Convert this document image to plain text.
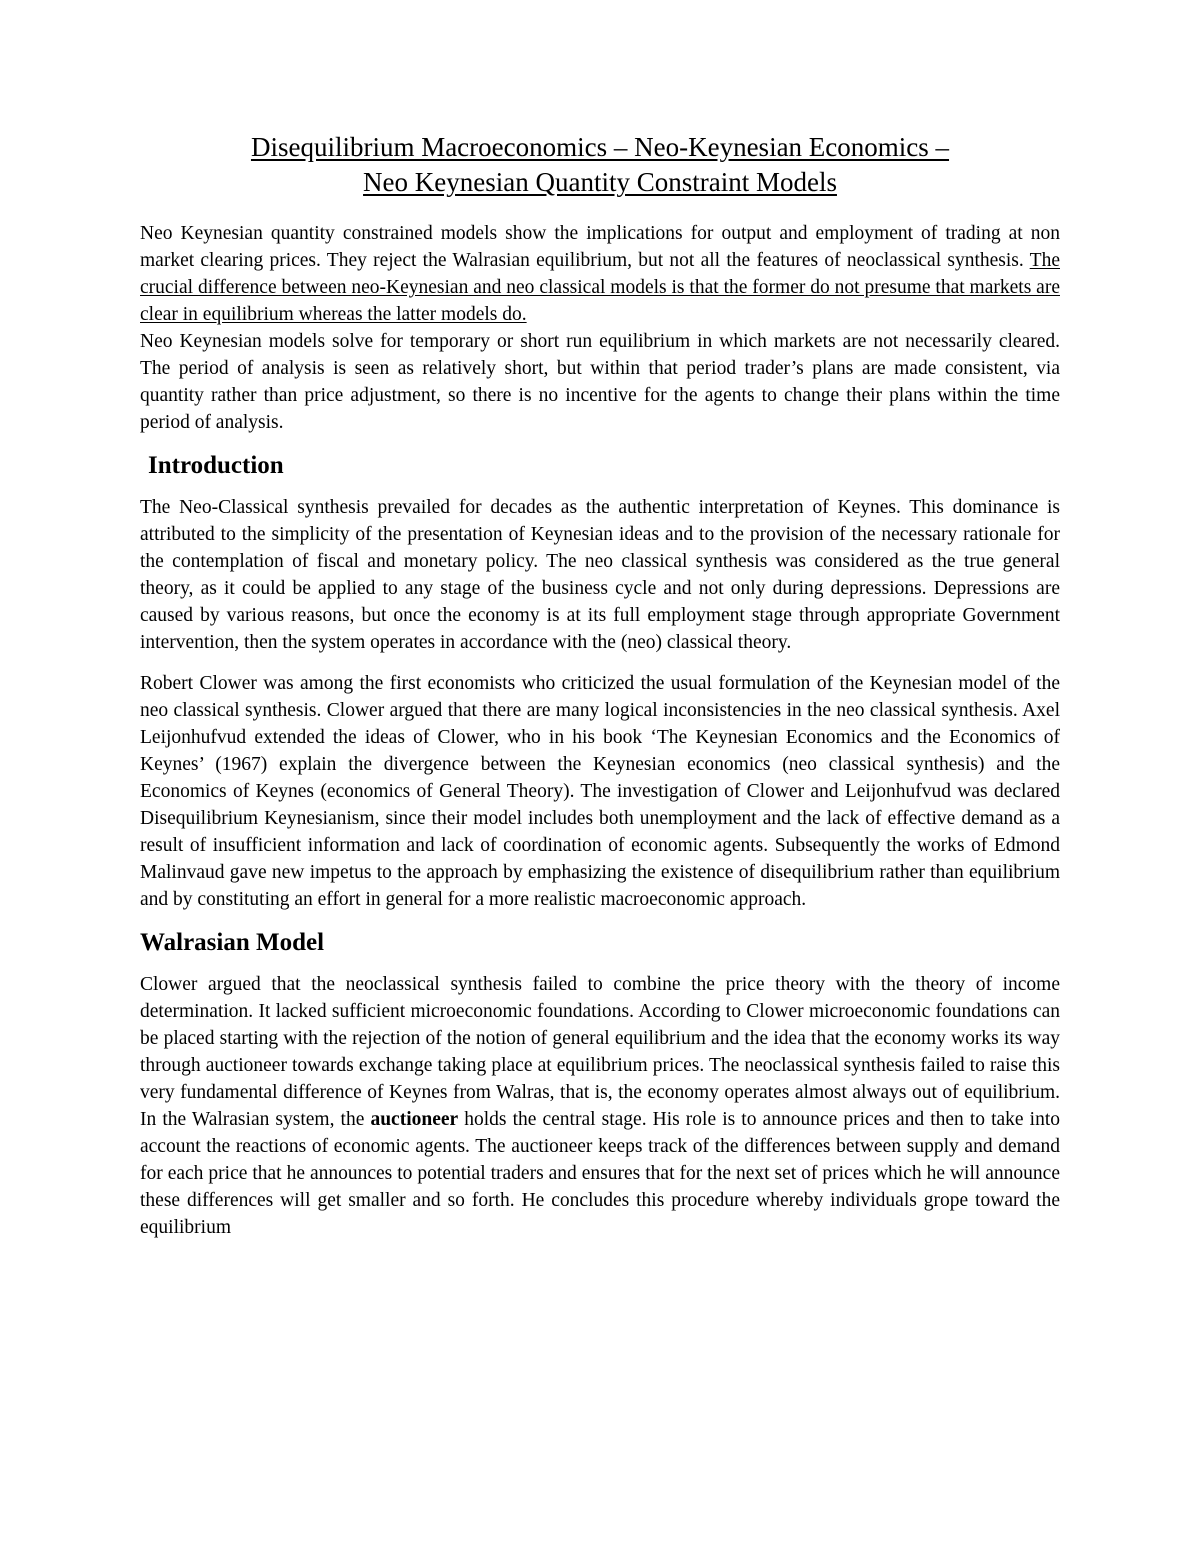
Disequilibrium Macroeconomics – Neo-Keynesian Economics –
Neo Keynesian Quantity Constraint Models

Neo Keynesian quantity constrained models show the implications for output and employment of trading at non market clearing prices. They reject the Walrasian equilibrium, but not all the features of neoclassical synthesis. The crucial difference between neo-Keynesian and neo classical models is that the former do not presume that markets are clear in equilibrium whereas the latter models do.

Neo Keynesian models solve for temporary or short run equilibrium in which markets are not necessarily cleared. The period of analysis is seen as relatively short, but within that period trader’s plans are made consistent, via quantity rather than price adjustment, so there is no incentive for the agents to change their plans within the time period of analysis.

Introduction

The Neo-Classical synthesis prevailed for decades as the authentic interpretation of Keynes. This dominance is attributed to the simplicity of the presentation of Keynesian ideas and to the provision of the necessary rationale for the contemplation of fiscal and monetary policy. The neo classical synthesis was considered as the true general theory, as it could be applied to any stage of the business cycle and not only during depressions. Depressions are caused by various reasons, but once the economy is at its full employment stage through appropriate Government intervention, then the system operates in accordance with the (neo) classical theory.

Robert Clower was among the first economists who criticized the usual formulation of the Keynesian model of the neo classical synthesis. Clower argued that there are many logical inconsistencies in the neo classical synthesis. Axel Leijonhufvud extended the ideas of Clower, who in his book ‘The Keynesian Economics and the Economics of Keynes’ (1967) explain the divergence between the Keynesian economics (neo classical synthesis) and the Economics of Keynes (economics of General Theory). The investigation of Clower and Leijonhufvud was declared Disequilibrium Keynesianism, since their model includes both unemployment and the lack of effective demand as a result of insufficient information and lack of coordination of economic agents. Subsequently the works of Edmond Malinvaud gave new impetus to the approach by emphasizing the existence of disequilibrium rather than equilibrium and by constituting an effort in general for a more realistic macroeconomic approach.

Walrasian Model

Clower argued that the neoclassical synthesis failed to combine the price theory with the theory of income determination. It lacked sufficient microeconomic foundations. According to Clower microeconomic foundations can be placed starting with the rejection of the notion of general equilibrium and the idea that the economy works its way through auctioneer towards exchange taking place at equilibrium prices. The neoclassical synthesis failed to raise this very fundamental difference of Keynes from Walras, that is, the economy operates almost always out of equilibrium. In the Walrasian system, the auctioneer holds the central stage. His role is to announce prices and then to take into account the reactions of economic agents. The auctioneer keeps track of the differences between supply and demand for each price that he announces to potential traders and ensures that for the next set of prices which he will announce these differences will get smaller and so forth. He concludes this procedure whereby individuals grope toward the equilibrium
